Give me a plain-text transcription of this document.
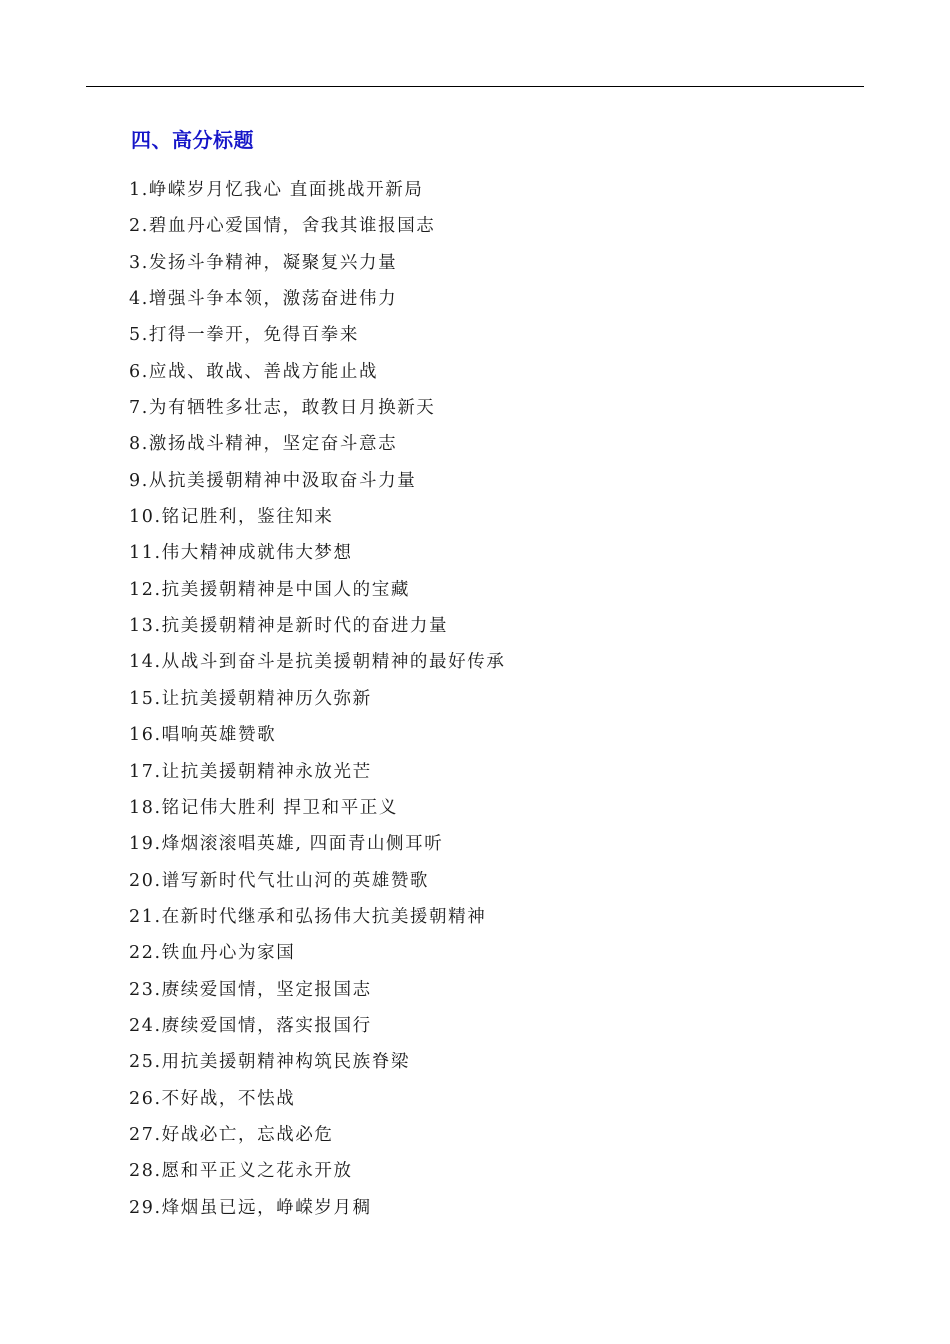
四、高分标题
1.峥嵘岁月忆我心 直面挑战开新局
2.碧血丹心爱国情，舍我其谁报国志
3.发扬斗争精神，凝聚复兴力量
4.增强斗争本领，激荡奋进伟力
5.打得一拳开，免得百拳来
6.应战、敢战、善战方能止战
7.为有牺牲多壮志，敢教日月换新天
8.激扬战斗精神，坚定奋斗意志
9.从抗美援朝精神中汲取奋斗力量
10.铭记胜利，鉴往知来
11.伟大精神成就伟大梦想
12.抗美援朝精神是中国人的宝藏
13.抗美援朝精神是新时代的奋进力量
14.从战斗到奋斗是抗美援朝精神的最好传承
15.让抗美援朝精神历久弥新
16.唱响英雄赞歌
17.让抗美援朝精神永放光芒
18.铭记伟大胜利 捍卫和平正义
19.烽烟滚滚唱英雄, 四面青山侧耳听
20.谱写新时代气壮山河的英雄赞歌
21.在新时代继承和弘扬伟大抗美援朝精神
22.铁血丹心为家国
23.赓续爱国情，坚定报国志
24.赓续爱国情，落实报国行
25.用抗美援朝精神构筑民族脊梁
26.不好战，不怯战
27.好战必亡，忘战必危
28.愿和平正义之花永开放
29.烽烟虽已远，峥嵘岁月稠
